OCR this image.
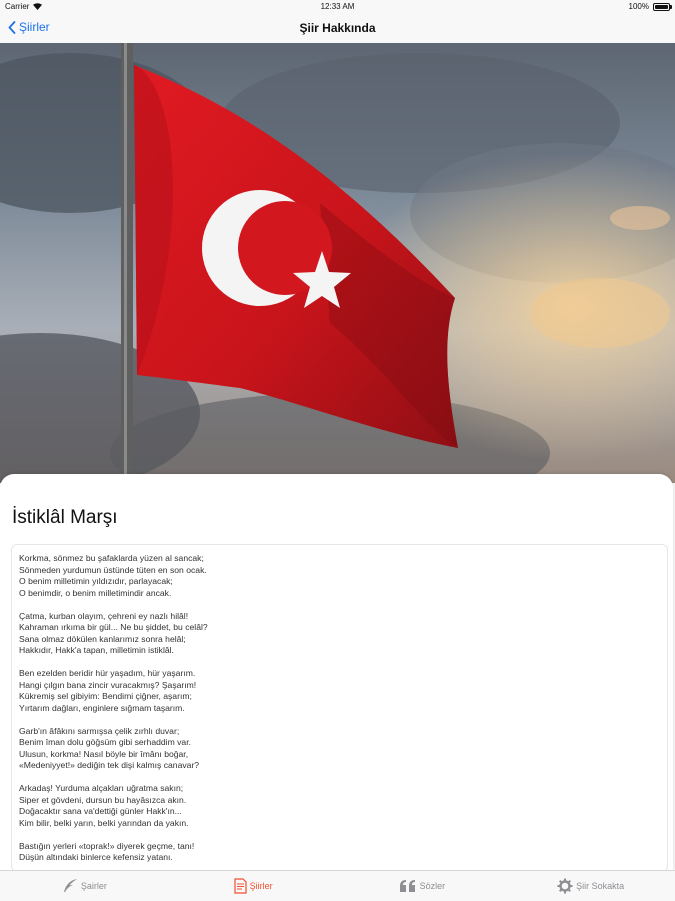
Carrier	12:33 AM	100%
Şiirler	Şiir Hakkında
İstiklâl Marşı
Korkma, sönmez bu şafaklarda yüzen al sancak;
Sönmeden yurdumun üstünde tüten en son ocak.
O benim milletimin yıldızıdır, parlayacak;
O benimdir, o benim milletimindir ancak.

Çatma, kurban olayım, çehreni ey nazlı hilâl!
Kahraman ırkıma bir gül... Ne bu şiddet, bu celâl?
Sana olmaz dökülen kanlarımız sonra helâl;
Hakkıdır, Hakk'a tapan, milletimin istiklâl.

Ben ezelden beridir hür yaşadım, hür yaşarım.
Hangi çılgın bana zincir vuracakmış? Şaşarım!
Kükremiş sel gibiyim: Bendimi çiğner, aşarım;
Yırtarım dağları, enginlere sığmam taşarım.

Garb'ın âfâkını sarmışsa çelik zırhlı duvar;
Benim îman dolu göğsüm gibi serhaddim var.
Ulusun, korkma! Nasıl böyle bir îmânı boğar,
«Medeniyyet!» dediğin tek dişi kalmış canavar?

Arkadaş! Yurduma alçakları uğratma sakın;
Siper et gövdeni, dursun bu hayâsızca akın.
Doğacaktır sana va'dettiği günler Hakk'ın...
Kim bilir, belki yarın, belki yarından da yakın.

Bastığın yerleri «toprak!» diyerek geçme, tanı!
Düşün altındaki binlerce kefensiz yatanı.
Şairler	Şiirler	Sözler	Şiir Sokakta
